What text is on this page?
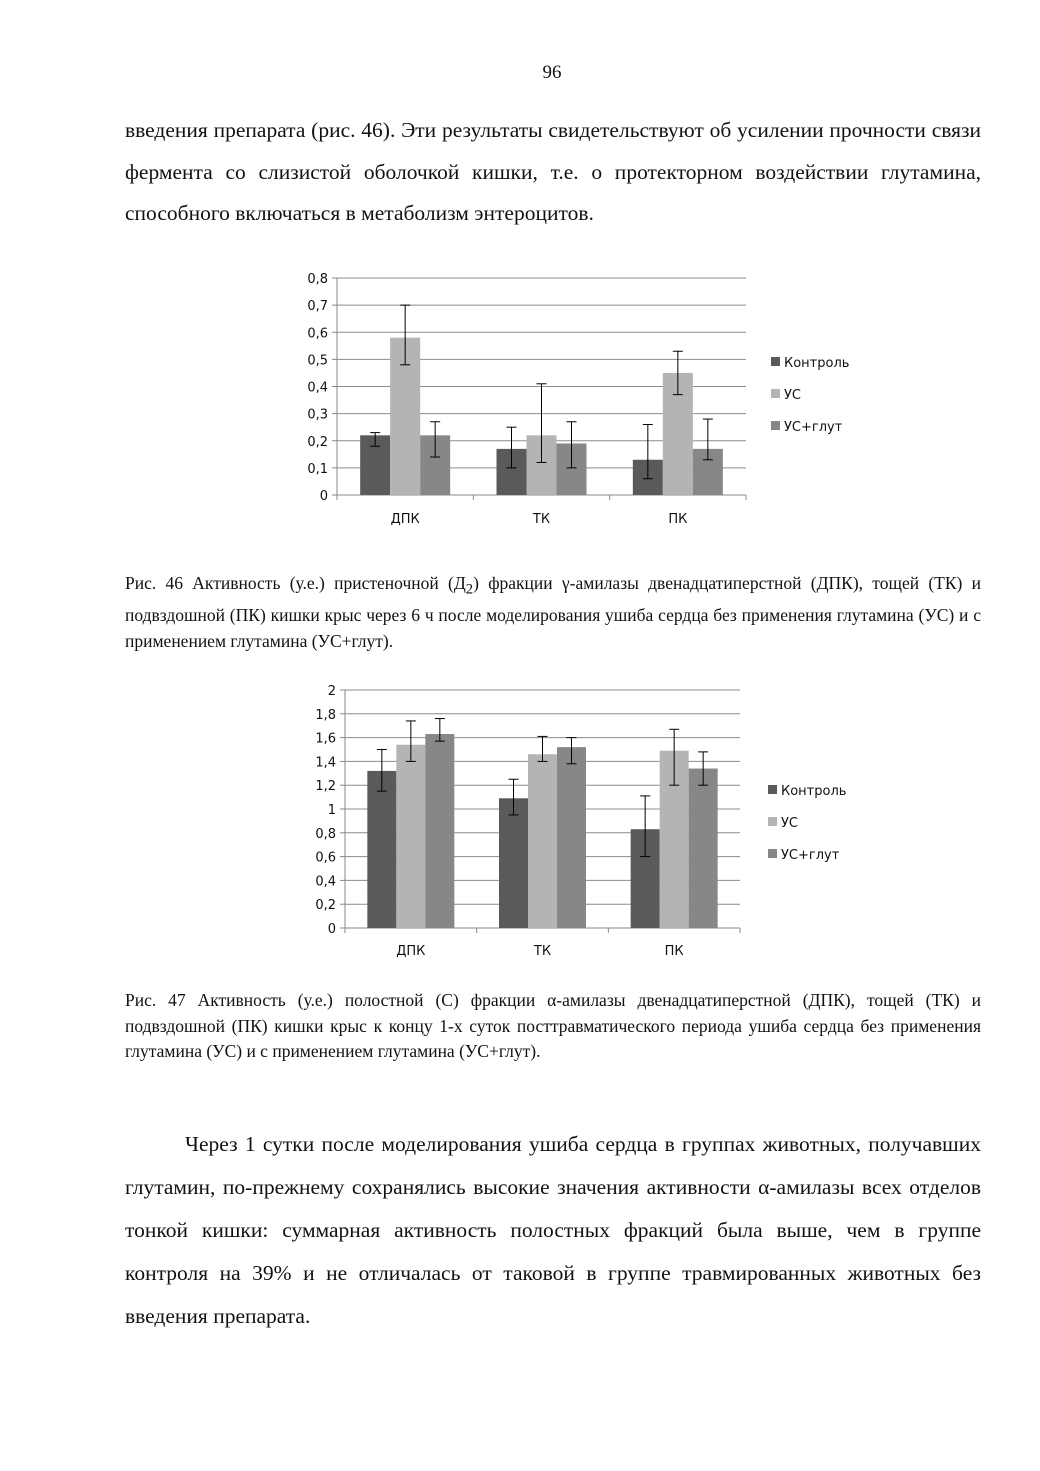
96

введения препарата (рис. 46). Эти результаты свидетельствуют об усилении прочности связи фермента со слизистой оболочкой кишки, т.е. о протекторном воздействии глутамина, способного включаться в метаболизм энтероцитов.

0
0,1
0,2
0,3
0,4
0,5
0,6
0,7
0,8
ДПК	ТК	ПК
Контроль
УС
УС+глут
0
0,2
0,4
0,6
0,8
1
1,2
1,4
1,6
1,8
2
ДПК	ТК	ПК
Контроль
УС
УС+глут

Рис. 46 Активность (у.е.) пристеночной $(Д_2)$ фракции γ-амилазы двенадцатиперстной (ДПК), тощей (ТК) и подвздошной (ПК) кишки крыс через 6 ч после моделирования ушиба сердца без применения глутамина (УС) и с применением глутамина (УС+глут).

Рис. 47 Активность (у.е.) полостной (С) фракции α-амилазы двенадцатиперстной (ДПК), тощей (ТК) и подвздошной (ПК) кишки крыс к концу 1-х суток посттравматического периода ушиба сердца без применения глутамина (УС) и с применением глутамина (УС+глут).

Через 1 сутки после моделирования ушиба сердца в группах животных, получавших глутамин, по-прежнему сохранялись высокие значения активности α-амилазы всех отделов тонкой кишки: суммарная активность полостных фракций была выше, чем в группе контроля на 39% и не отличалась от таковой в группе травмированных животных без введения препарата.
